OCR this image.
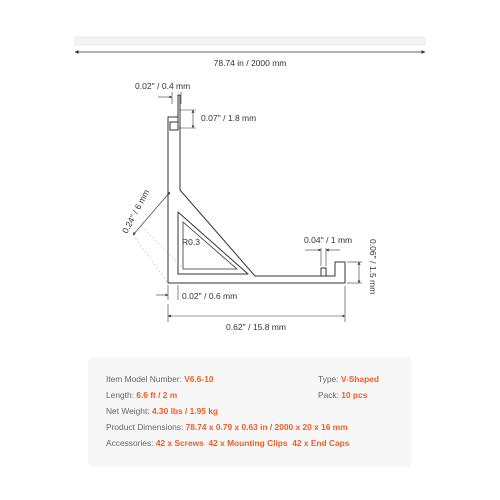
78.74 in / 2000 mm
0.02'' / 0.4 mm
0.07'' / 1.8 mm
0.24'' / 6 mm
R0.3	0.04'' / 1 mm 0.06'' / 1.5 mm
0.02'' / 0.6 mm
0.62'' / 15.8 mm
Item Model Number: V6.6-10
Length: 6.6 ft / 2 m
Net Weight: 4.30 lbs / 1.95 kg
Product Dimensions: 78.74 x 0.79 x 0.63 in / 2000 x 20 x 16 mm
Accessories: 42 x Screws 42 x Mounting Clips 42 x End Caps
Type: V-Shaped
Pack: 10 pcs
